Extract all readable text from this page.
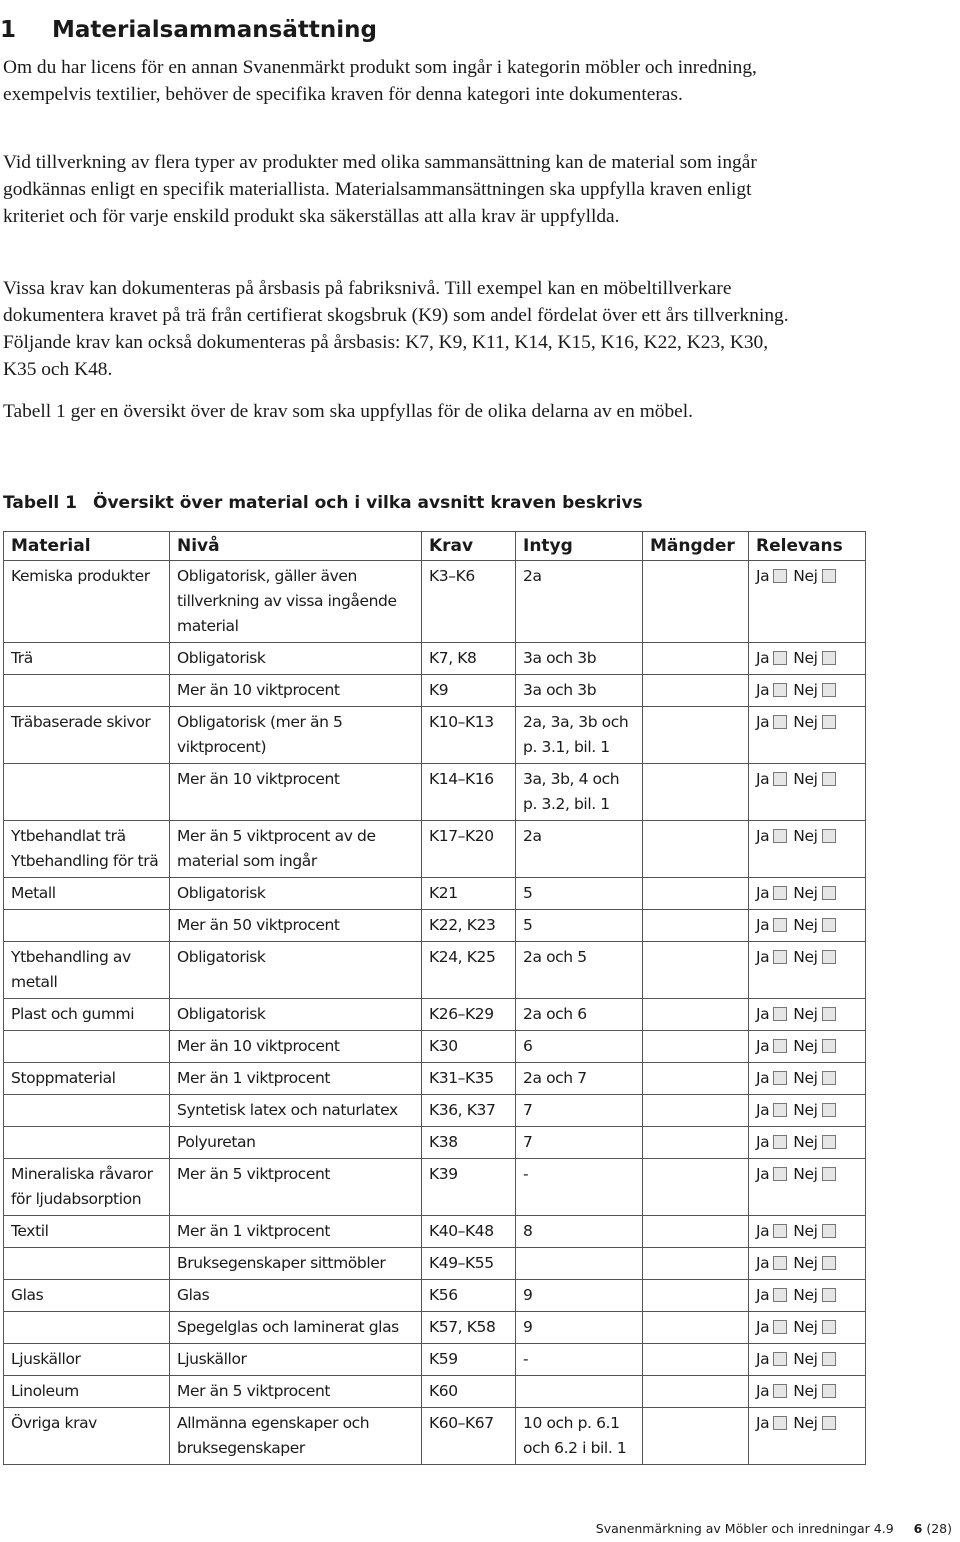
1 Materialsammansättning

Om du har licens för en annan Svanenmärkt produkt som ingår i kategorin möbler och inredning, exempelvis textilier, behöver de specifika kraven för denna kategori inte dokumenteras.

Vid tillverkning av flera typer av produkter med olika sammansättning kan de material som ingår godkännas enligt en specifik materiallista. Materialsammansättningen ska uppfylla kraven enligt kriteriet och för varje enskild produkt ska säkerställas att alla krav är uppfyllda.

Vissa krav kan dokumenteras på årsbasis på fabriksnivå. Till exempel kan en möbeltillverkare dokumentera kravet på trä från certifierat skogsbruk (K9) som andel fördelat över ett års tillverkning. Följande krav kan också dokumenteras på årsbasis: K7, K9, K11, K14, K15, K16, K22, K23, K30, K35 och K48.

Tabell 1 ger en översikt över de krav som ska uppfyllas för de olika delarna av en möbel.

Tabell 1 Översikt över material och i vilka avsnitt kraven beskrivs
Material	Nivå	Krav	Intyg	Mängder	Relevans
Kemiska produkter	Obligatorisk, gäller även tillverkning av vissa ingående material	K3–K6	2a		Ja Nej
Trä	Obligatorisk	K7, K8	3a och 3b		Ja Nej
	Mer än 10 viktprocent	K9	3a och 3b		Ja Nej
Träbaserade skivor	Obligatorisk (mer än 5 viktprocent)	K10–K13	2a, 3a, 3b och p. 3.1, bil. 1		Ja Nej
	Mer än 10 viktprocent	K14–K16	3a, 3b, 4 och p. 3.2, bil. 1		Ja Nej
Ytbehandlat trä Ytbehandling för trä	Mer än 5 viktprocent av de material som ingår	K17–K20	2a		Ja Nej
Metall	Obligatorisk	K21	5		Ja Nej
	Mer än 50 viktprocent	K22, K23	5		Ja Nej
Ytbehandling av metall	Obligatorisk	K24, K25	2a och 5		Ja Nej
Plast och gummi	Obligatorisk	K26–K29	2a och 6		Ja Nej
	Mer än 10 viktprocent	K30	6		Ja Nej
Stoppmaterial	Mer än 1 viktprocent	K31–K35	2a och 7		Ja Nej
	Syntetisk latex och naturlatex	K36, K37	7		Ja Nej
	Polyuretan	K38	7		Ja Nej
Mineraliska råvaror för ljudabsorption	Mer än 5 viktprocent	K39	-		Ja Nej
Textil	Mer än 1 viktprocent	K40–K48	8		Ja Nej
	Bruksegenskaper sittmöbler	K49–K55			Ja Nej
Glas	Glas	K56	9		Ja Nej
	Spegelglas och laminerat glas	K57, K58	9		Ja Nej
Ljuskällor	Ljuskällor	K59	-		Ja Nej
Linoleum	Mer än 5 viktprocent	K60			Ja Nej
Övriga krav	Allmänna egenskaper och bruksegenskaper	K60–K67	10 och p. 6.1 och 6.2 i bil. 1		Ja Nej
Svanenmärkning av Möbler och inredningar 4.9 6 (28)
